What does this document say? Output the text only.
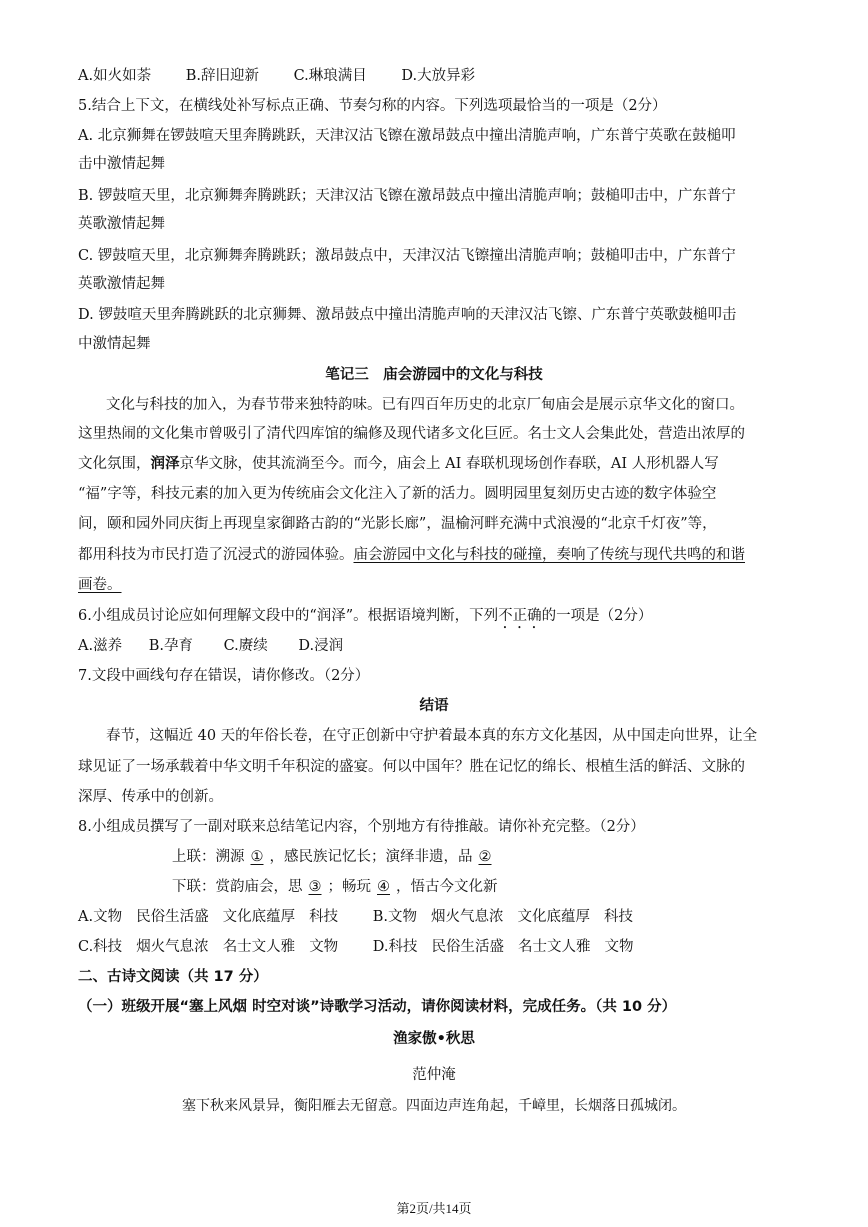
A.如火如荼 B.辞旧迎新 C.琳琅满目 D.大放异彩
5.结合上下文，在横线处补写标点正确、节奏匀称的内容。下列选项最恰当的一项是（2分）
A. 北京狮舞在锣鼓喧天里奔腾跳跃，天津汉沽飞镲在激昂鼓点中撞出清脆声响，广东普宁英歌在鼓槌叩
击中激情起舞
B. 锣鼓喧天里，北京狮舞奔腾跳跃；天津汉沽飞镲在激昂鼓点中撞出清脆声响；鼓槌叩击中，广东普宁
英歌激情起舞
C. 锣鼓喧天里，北京狮舞奔腾跳跃；激昂鼓点中，天津汉沽飞镲撞出清脆声响；鼓槌叩击中，广东普宁
英歌激情起舞
D. 锣鼓喧天里奔腾跳跃的北京狮舞、激昂鼓点中撞出清脆声响的天津汉沽飞镲、广东普宁英歌鼓槌叩击
中激情起舞
笔记三　庙会游园中的文化与科技
文化与科技的加入，为春节带来独特韵味。已有四百年历史的北京厂甸庙会是展示京华文化的窗口。
这里热闹的文化集市曾吸引了清代四库馆的编修及现代诸多文化巨匠。名士文人会集此处，营造出浓厚的
文化氛围，润泽京华文脉，使其流淌至今。而今，庙会上 AI 春联机现场创作春联，AI 人形机器人写
“福”字等，科技元素的加入更为传统庙会文化注入了新的活力。圆明园里复刻历史古迹的数字体验空
间，颐和园外同庆街上再现皇家御路古韵的“光影长廊”，温榆河畔充满中式浪漫的“北京千灯夜”等，
都用科技为市民打造了沉浸式的游园体验。庙会游园中文化与科技的碰撞，奏响了传统与现代共鸣的和谐
画卷。
6.小组成员讨论应如何理解文段中的“润泽”。根据语境判断，下列不正确的一项是（2分）
A.滋养 B.孕育 C.赓续 D.浸润
7.文段中画线句存在错误，请你修改。（2分）
结语
春节，这幅近 40 天的年俗长卷，在守正创新中守护着最本真的东方文化基因，从中国走向世界，让全
球见证了一场承载着中华文明千年积淀的盛宴。何以中国年？胜在记忆的绵长、根植生活的鲜活、文脉的
深厚、传承中的创新。
8.小组成员撰写了一副对联来总结笔记内容，个别地方有待推敲。请你补充完整。（2分）
上联：溯源 ① ，感民族记忆长；演绎非遗，品 ②
下联：赏韵庙会，思 ③ ；畅玩 ④ ，悟古今文化新
A.文物 民俗生活盛 文化底蕴厚 科技 B.文物 烟火气息浓 文化底蕴厚 科技
C.科技 烟火气息浓 名士文人雅 文物 D.科技 民俗生活盛 名士文人雅 文物
二、古诗文阅读（共 17 分）
（一）班级开展“塞上风烟 时空对谈”诗歌学习活动，请你阅读材料，完成任务。（共 10 分）
渔家傲•秋思
范仲淹
塞下秋来风景异，衡阳雁去无留意。四面边声连角起，千嶂里，长烟落日孤城闭。
第2页/共14页
